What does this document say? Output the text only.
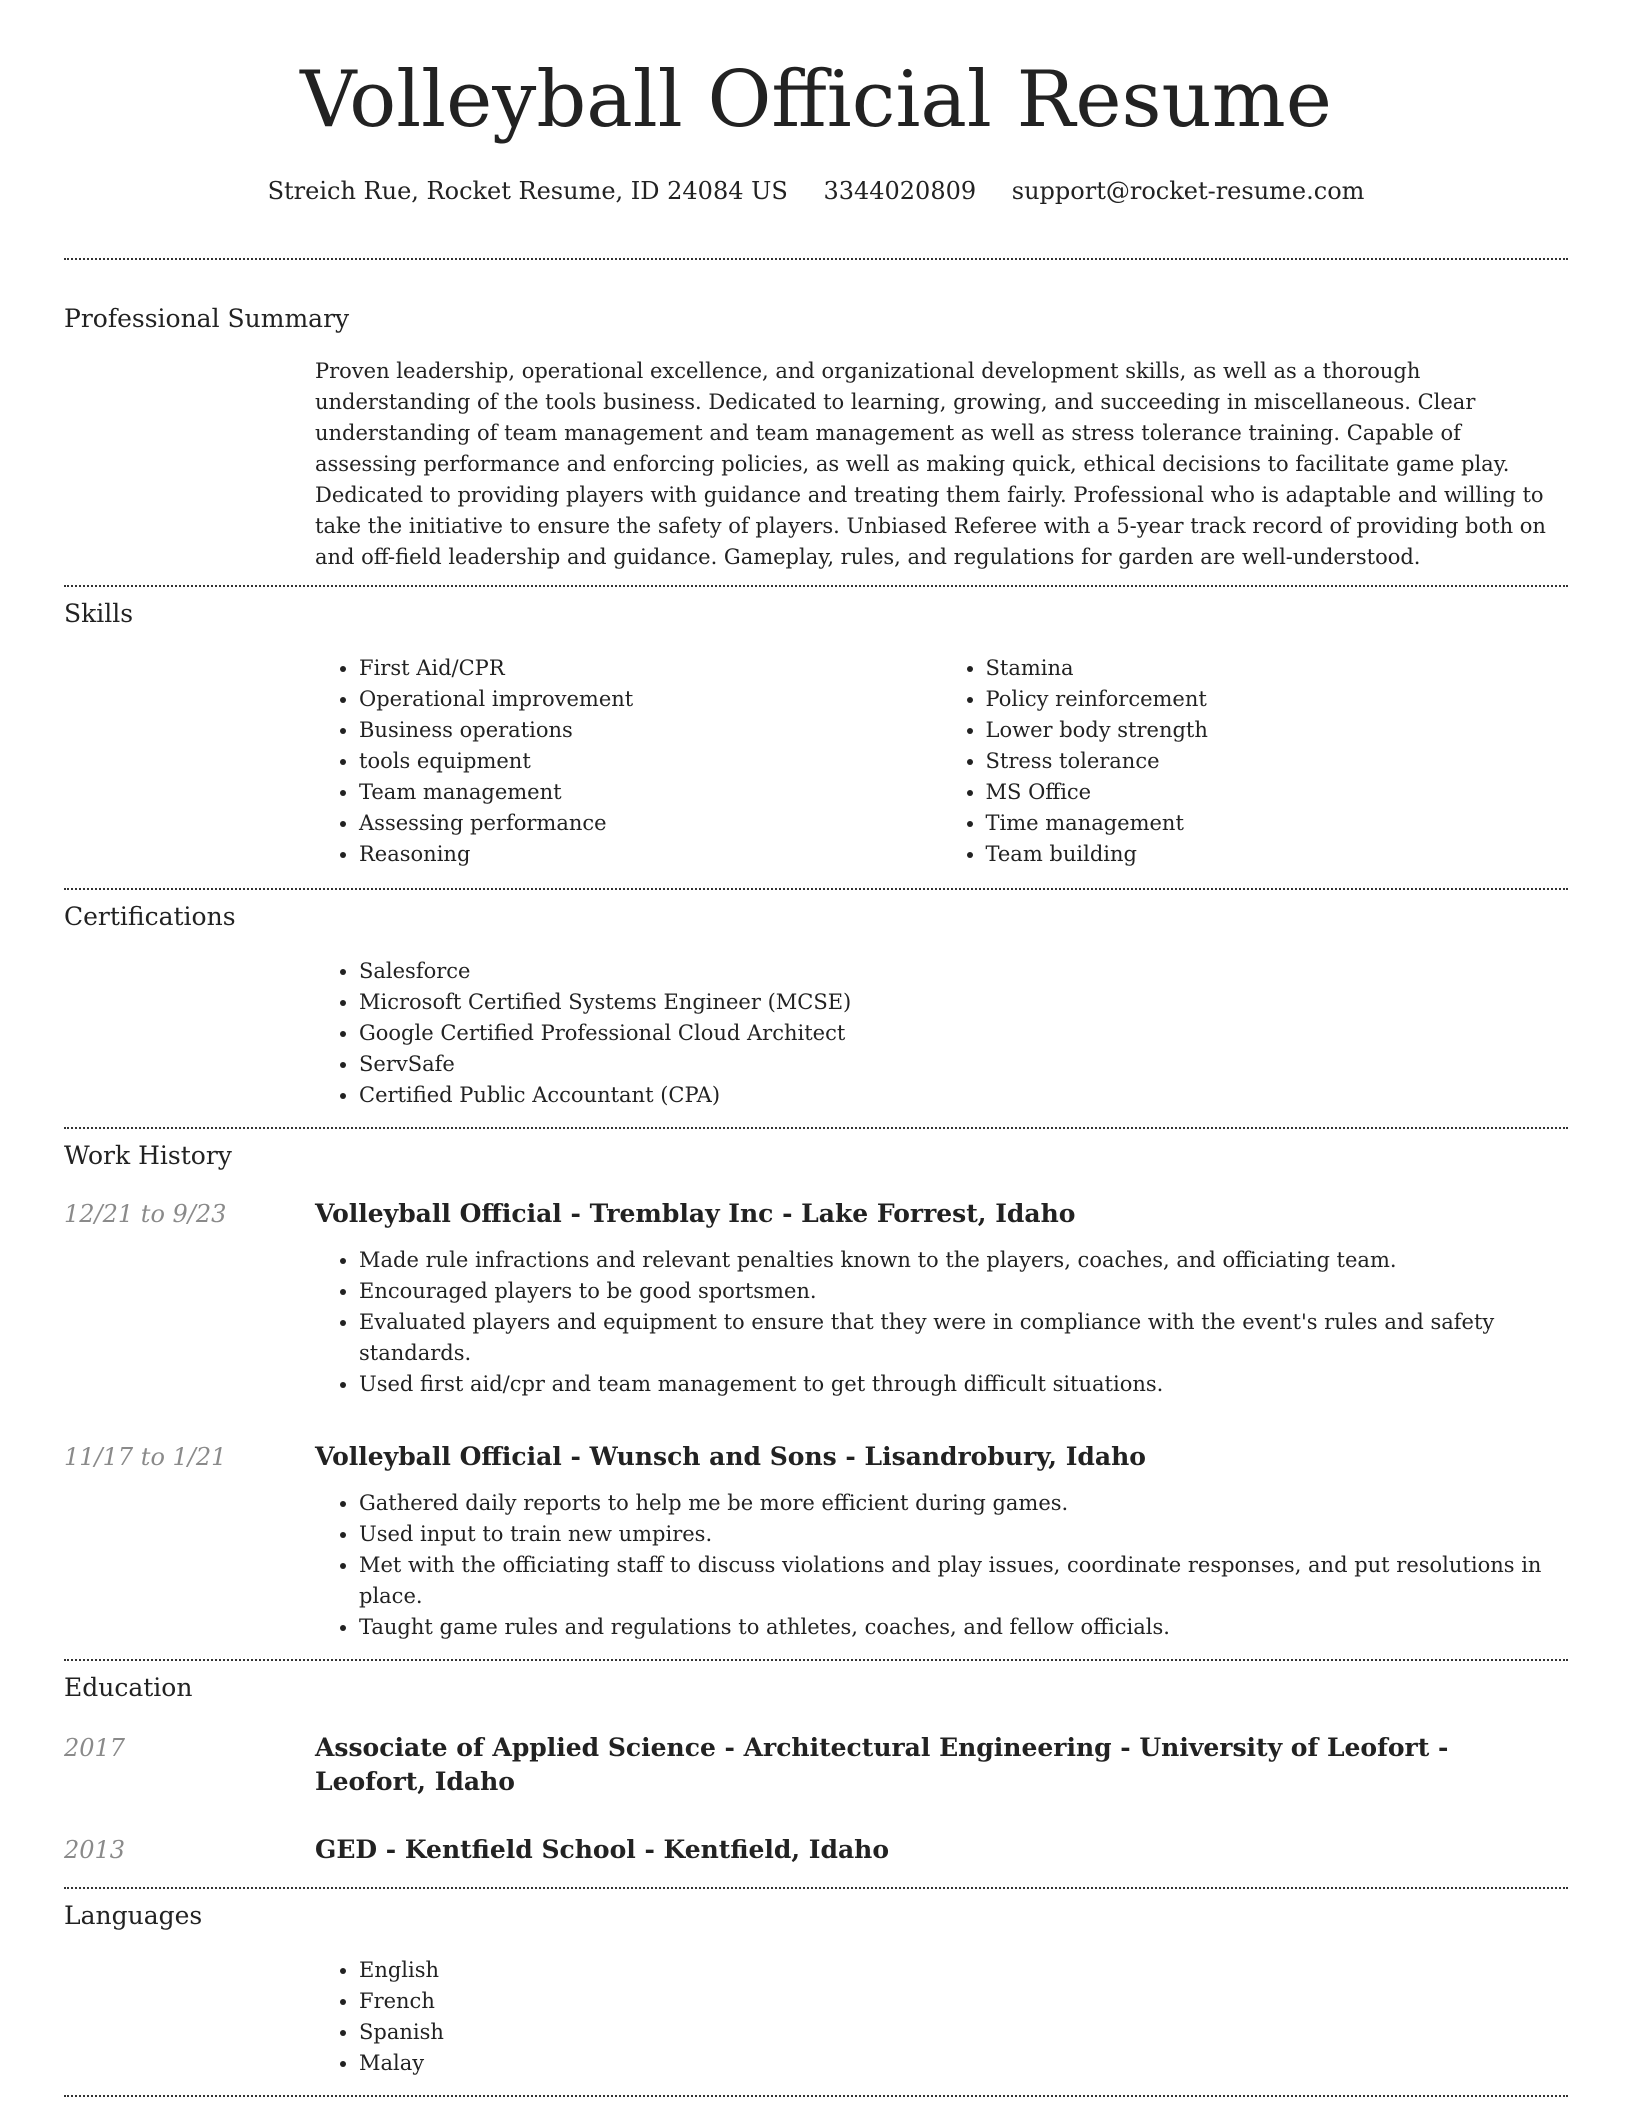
Volleyball Official Resume
Streich Rue, Rocket Resume, ID 24084 US 3344020809 support@rocket-resume.com
Professional Summary

Proven leadership, operational excellence, and organizational development skills, as well as a thorough understanding of the tools business. Dedicated to learning, growing, and succeeding in miscellaneous. Clear understanding of team management and team management as well as stress tolerance training. Capable of assessing performance and enforcing policies, as well as making quick, ethical decisions to facilitate game play. Dedicated to providing players with guidance and treating them fairly. Professional who is adaptable and willing to take the initiative to ensure the safety of players. Unbiased Referee with a 5-year track record of providing both on and off-field leadership and guidance. Gameplay, rules, and regulations for garden are well-understood.

Skills
• First Aid/CPR
• Operational improvement
• Business operations
• tools equipment
• Team management
• Assessing performance
• Reasoning
• Stamina
• Policy reinforcement
• Lower body strength
• Stress tolerance
• MS Office
• Time management
• Team building
Certifications
• Salesforce
• Microsoft Certified Systems Engineer (MCSE)
• Google Certified Professional Cloud Architect
• ServSafe
• Certified Public Accountant (CPA)
Work History
12/21 to 9/23	Volleyball Official - Tremblay Inc - Lake Forrest, Idaho
• Made rule infractions and relevant penalties known to the players, coaches, and officiating team.
• Encouraged players to be good sportsmen.
• Evaluated players and equipment to ensure that they were in compliance with the event's rules and safety standards.
• Used first aid/cpr and team management to get through difficult situations.
11/17 to 1/21	Volleyball Official - Wunsch and Sons - Lisandrobury, Idaho
• Gathered daily reports to help me be more efficient during games.
• Used input to train new umpires.
• Met with the officiating staff to discuss violations and play issues, coordinate responses, and put resolutions in place.
• Taught game rules and regulations to athletes, coaches, and fellow officials.
Education
2017	Associate of Applied Science - Architectural Engineering - University of Leofort - Leofort, Idaho
2013	GED - Kentfield School - Kentfield, Idaho
Languages
• English
• French
• Spanish
• Malay
